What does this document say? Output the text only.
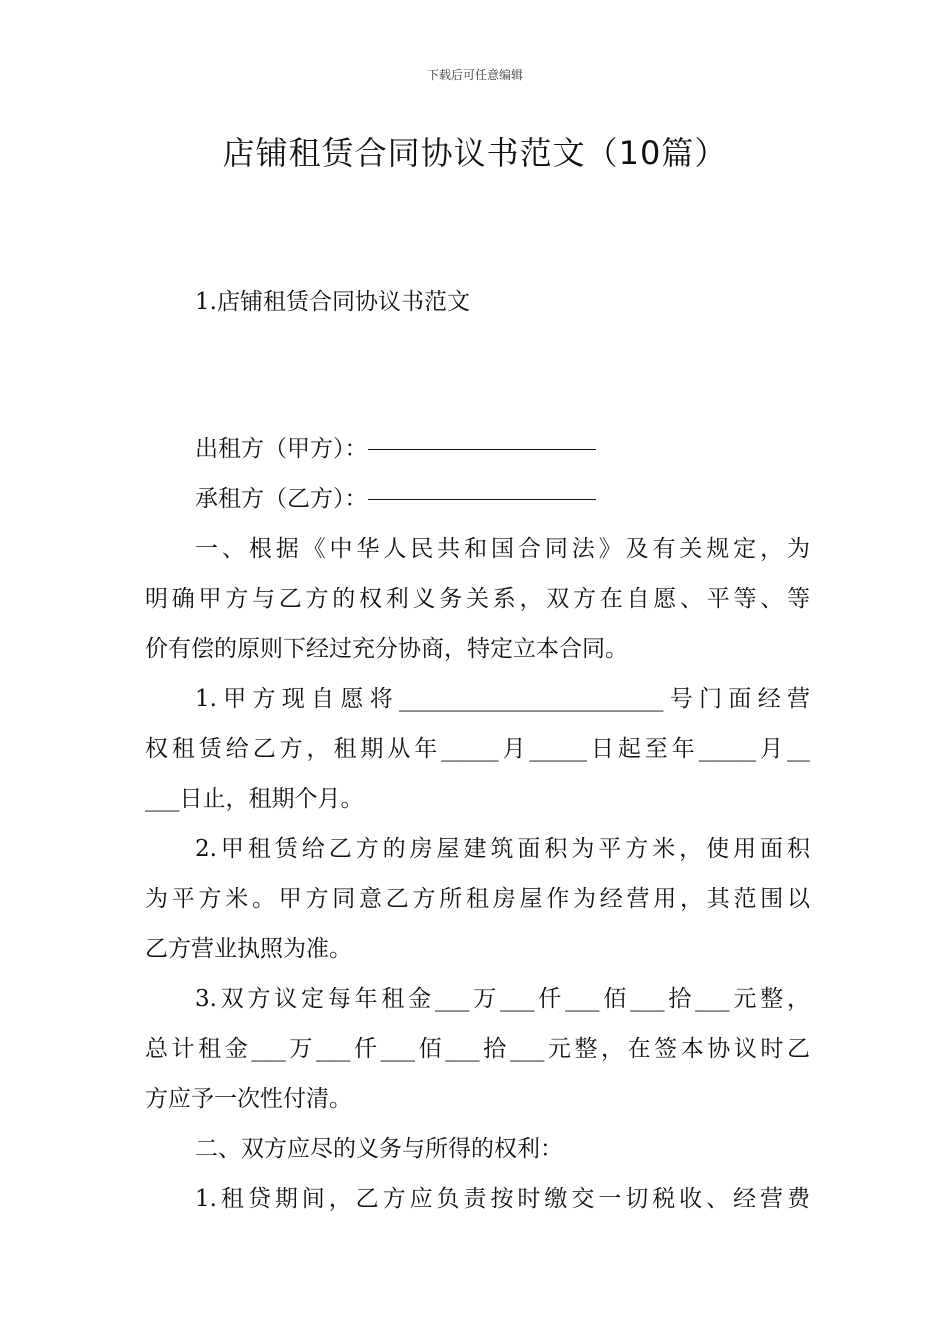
下载后可任意编辑
店铺租赁合同协议书范文（10篇）
1.店铺租赁合同协议书范文
出租方（甲方）：
承租方（乙方）：
一、根据《中华人民共和国合同法》及有关规定，为
明确甲方与乙方的权利义务关系，双方在自愿、平等、等
价有偿的原则下经过充分协商，特定立本合同。
1.甲方现自愿将_______________________号门面经营
权租赁给乙方，租期从年_____月_____日起至年_____月__
___日止，租期个月。
2.甲租赁给乙方的房屋建筑面积为平方米，使用面积
为平方米。甲方同意乙方所租房屋作为经营用，其范围以
乙方营业执照为准。
3.双方议定每年租金___万___仟___佰___拾___元整，
总计租金___万___仟___佰___拾___元整，在签本协议时乙
方应予一次性付清。
二、双方应尽的义务与所得的权利：
1.租贷期间，乙方应负责按时缴交一切税收、经营费
